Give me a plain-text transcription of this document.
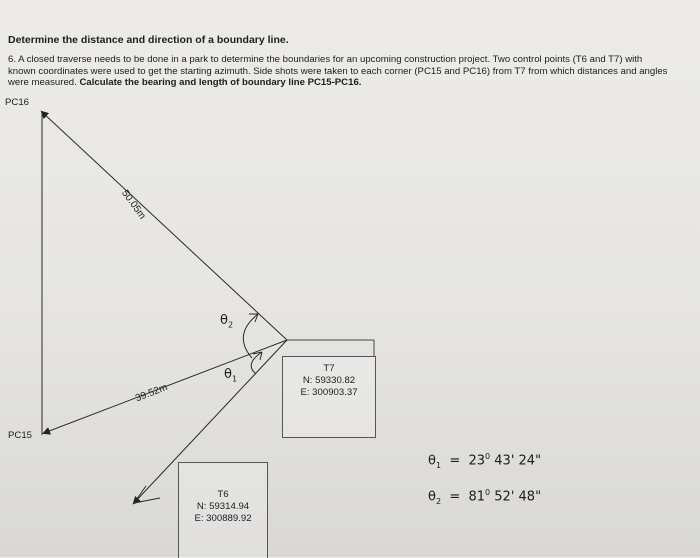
Determine the distance and direction of a boundary line.
6. A closed traverse needs to be done in a park to determine the boundaries for an upcoming construction project. Two control points (T6 and T7) with known coordinates were used to get the starting azimuth. Side shots were taken to each corner (PC15 and PC16) from T7 from which distances and angles were measured. Calculate the bearing and length of boundary line PC15-PC16.
PC16
PC15
50.05m
39.52m
$\theta_2$
$\theta_1$
T7
N: 59330.82
E: 300903.37
T6
N: 59314.94
E: 300889.92
$\theta_1 = 23^0$ 43' 24"
$\theta_2 = 81^0$ 52' 48"
